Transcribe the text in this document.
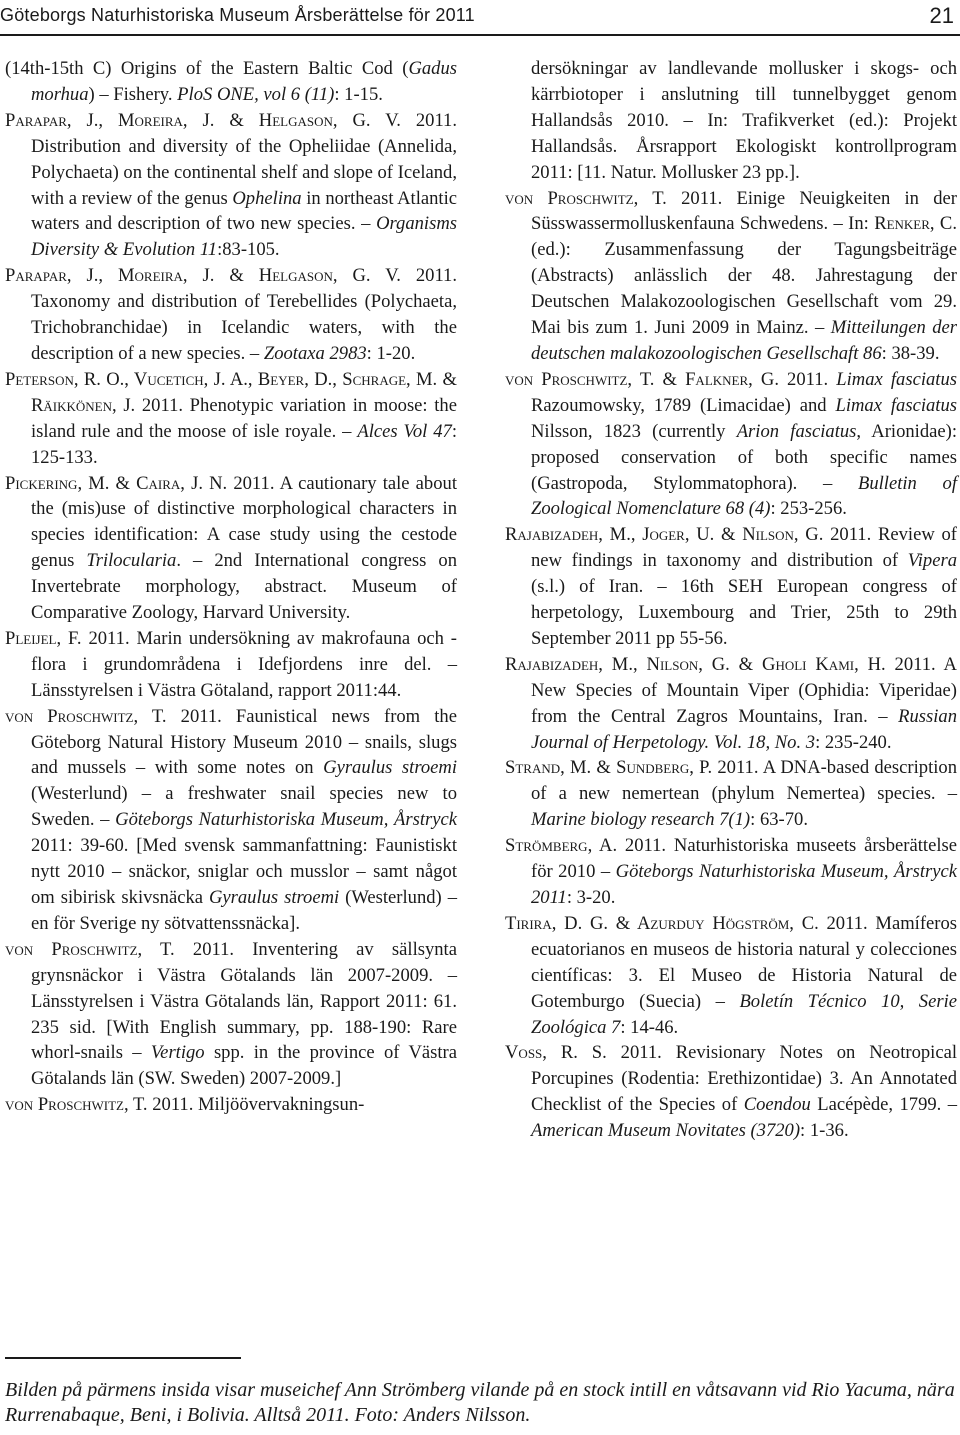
Göteborgs Naturhistoriska Museum Årsberättelse för 2011	21

(14th-15th C) Origins of the Eastern Baltic Cod (Gadus morhua) – Fishery. PloS ONE, vol 6 (11): 1-15.

Parapar, J., Moreira, J. & Helgason, G. V. 2011. Distribution and diversity of the Opheliidae (Annelida, Polychaeta) on the continental shelf and slope of Iceland, with a review of the genus Ophelina in northeast Atlantic waters and description of two new species. – Organisms Diversity & Evolution 11:83-105.

Parapar, J., Moreira, J. & Helgason, G. V. 2011. Taxonomy and distribution of Terebellides (Polychaeta, Trichobranchidae) in Icelandic waters, with the description of a new species. – Zootaxa 2983: 1-20.

Peterson, R. O., Vucetich, J. A., Beyer, D., Schrage, M. & Räikkönen, J. 2011. Phenotypic variation in moose: the island rule and the moose of isle royale. – Alces Vol 47: 125-133.

Pickering, M. & Caira, J. N. 2011. A cautionary tale about the (mis)use of distinctive morphological characters in species identification: A case study using the cestode genus Trilocularia. – 2nd International congress on Invertebrate morphology, abstract. Museum of Comparative Zoology, Harvard University.

Pleijel, F. 2011. Marin undersökning av makrofauna och -flora i grundområdena i Idefjordens inre del. – Länsstyrelsen i Västra Götaland, rapport 2011:44.

von Proschwitz, T. 2011. Faunistical news from the Göteborg Natural History Museum 2010 – snails, slugs and mussels – with some notes on Gyraulus stroemi (Westerlund) – a freshwater snail species new to Sweden. – Göteborgs Naturhistoriska Museum, Årstryck 2011: 39-60. [Med svensk sammanfattning: Faunistiskt nytt 2010 – snäckor, sniglar och musslor – samt något om sibirisk skivsnäcka Gyraulus stroemi (Westerlund) – en för Sverige ny sötvattenssnäcka].

von Proschwitz, T. 2011. Inventering av sällsynta grynsnäckor i Västra Götalands län 2007-2009. – Länsstyrelsen i Västra Götalands län, Rapport 2011: 61. 235 sid. [With English summary, pp. 188-190: Rare whorl-snails – Vertigo spp. in the province of Västra Götalands län (SW. Sweden) 2007-2009.]

von Proschwitz, T. 2011. Miljöövervakningsun-

dersökningar av landlevande mollusker i skogs- och kärrbiotoper i anslutning till tunnelbygget genom Hallandsås 2010. – In: Trafikverket (ed.): Projekt Hallandsås. Årsrapport Ekologiskt kontrollprogram 2011: [11. Natur. Mollusker 23 pp.].

von Proschwitz, T. 2011. Einige Neuigkeiten in der Süsswassermolluskenfauna Schwedens. – In: Renker, C. (ed.): Zusammenfassung der Tagungsbeiträge (Abstracts) anlässlich der 48. Jahrestagung der Deutschen Malakozoologischen Gesellschaft vom 29. Mai bis zum 1. Juni 2009 in Mainz. – Mitteilungen der deutschen malakozoologischen Gesellschaft 86: 38-39.

von Proschwitz, T. & Falkner, G. 2011. Limax fasciatus Razoumowsky, 1789 (Limacidae) and Limax fasciatus Nilsson, 1823 (currently Arion fasciatus, Arionidae): proposed conservation of both specific names (Gastropoda, Stylommatophora). – Bulletin of Zoological Nomenclature 68 (4): 253-256.

Rajabizadeh, M., Joger, U. & Nilson, G. 2011. Review of new findings in taxonomy and distribution of Vipera (s.l.) of Iran. – 16th SEH European congress of herpetology, Luxembourg and Trier, 25th to 29th September 2011 pp 55-56.

Rajabizadeh, M., Nilson, G. & Gholi Kami, H. 2011. A New Species of Mountain Viper (Ophidia: Viperidae) from the Central Zagros Mountains, Iran. – Russian Journal of Herpetology. Vol. 18, No. 3: 235-240.

Strand, M. & Sundberg, P. 2011. A DNA-based description of a new nemertean (phylum Nemertea) species. – Marine biology research 7(1): 63-70.

Strömberg, A. 2011. Naturhistoriska museets årsberättelse för 2010 – Göteborgs Naturhistoriska Museum, Årstryck 2011: 3-20.

Tirira, D. G. & Azurduy Högström, C. 2011. Mamíferos ecuatorianos en museos de historia natural y colecciones científicas: 3. El Museo de Historia Natural de Gotemburgo (Suecia) – Boletín Técnico 10, Serie Zoológica 7: 14-46.

Voss, R. S. 2011. Revisionary Notes on Neotropical Porcupines (Rodentia: Erethizontidae) 3. An Annotated Checklist of the Species of Coendou Lacépède, 1799. – American Museum Novitates (3720): 1-36.

Bilden på pärmens insida visar museichef Ann Strömberg vilande på en stock intill en våtsavann vid Rio Yacuma, nära Rurrenabaque, Beni, i Bolivia. Alltså 2011. Foto: Anders Nilsson.
